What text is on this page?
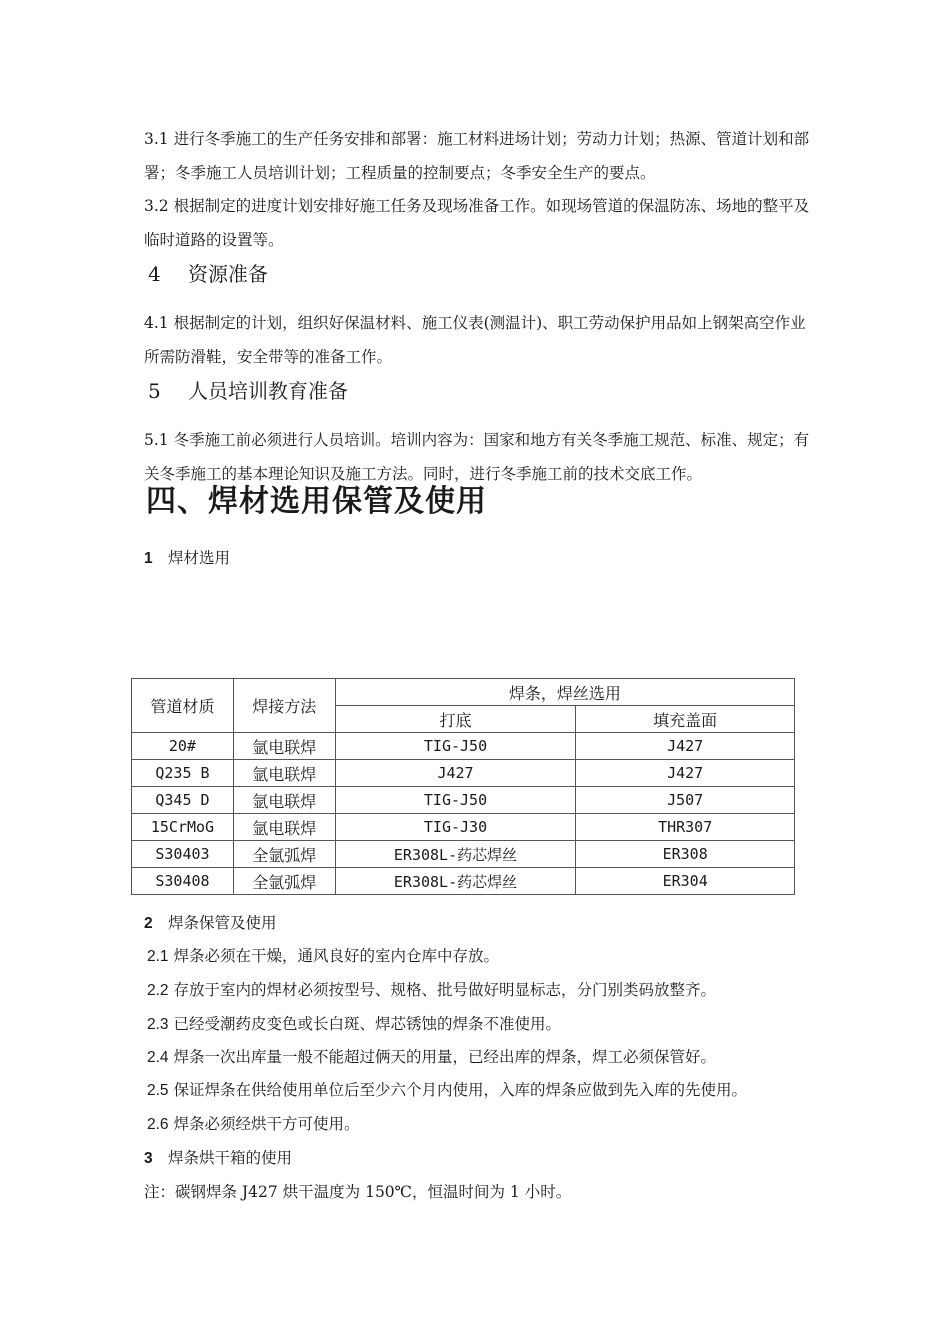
3.1 进行冬季施工的生产任务安排和部署：施工材料进场计划；劳动力计划；热源、管道计划和部署；冬季施工人员培训计划；工程质量的控制要点；冬季安全生产的要点。

3.2 根据制定的进度计划安排好施工任务及现场准备工作。如现场管道的保温防冻、场地的整平及临时道路的设置等。

4 资源准备

4.1 根据制定的计划，组织好保温材料、施工仪表(测温计)、职工劳动保护用品如上钢架高空作业所需防滑鞋，安全带等的准备工作。

5 人员培训教育准备

5.1 冬季施工前必须进行人员培训。培训内容为：国家和地方有关冬季施工规范、标准、规定；有关冬季施工的基本理论知识及施工方法。同时，进行冬季施工前的技术交底工作。

四、焊材选用保管及使用

1 焊材选用

管道材质	焊接方法	焊条，焊丝选用	
		打底	填充盖面
20#	氩电联焊	TIG-J50	J427
Q235 B	氩电联焊	J427	J427
Q345 D	氩电联焊	TIG-J50	J507
15CrMoG	氩电联焊	TIG-J30	THR307
S30403	全氩弧焊	ER308L-药芯焊丝	ER308
S30408	全氩弧焊	ER308L-药芯焊丝	ER304

2 焊条保管及使用

2.1 焊条必须在干燥，通风良好的室内仓库中存放。

2.2 存放于室内的焊材必须按型号、规格、批号做好明显标志，分门别类码放整齐。

2.3 已经受潮药皮变色或长白斑、焊芯锈蚀的焊条不准使用。

2.4 焊条一次出库量一般不能超过俩天的用量，已经出库的焊条，焊工必须保管好。

2.5 保证焊条在供给使用单位后至少六个月内使用，入库的焊条应做到先入库的先使用。

2.6 焊条必须经烘干方可使用。

3 焊条烘干箱的使用

注：碳钢焊条 J427 烘干温度为 150℃，恒温时间为 1 小时。
